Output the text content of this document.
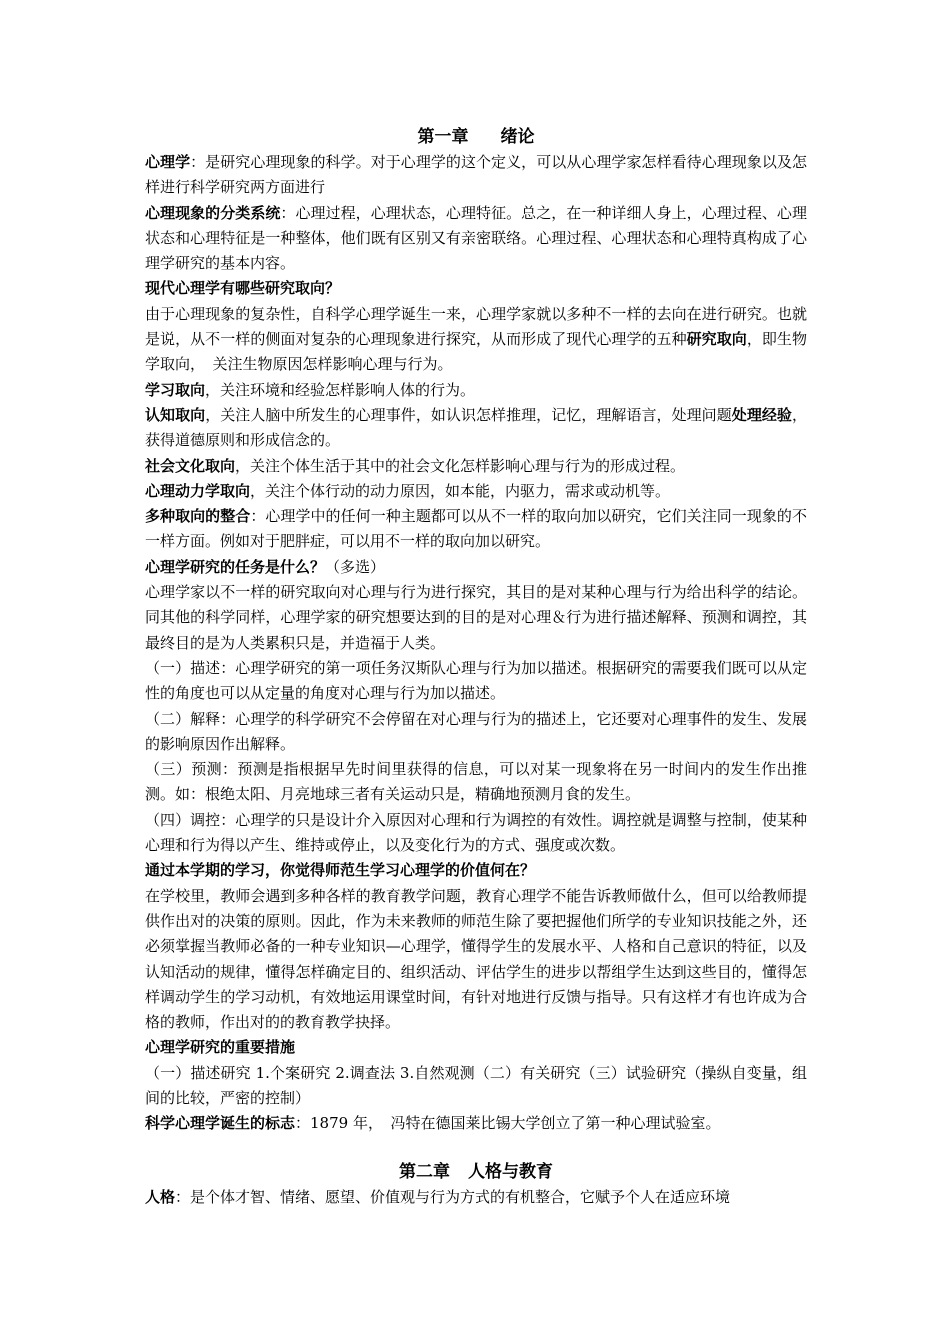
第一章 绪论

心理学：是研究心理现象的科学。对于心理学的这个定义，可以从心理学家怎样看待心理现象以及怎样进行科学研究两方面进行

心理现象的分类系统：心理过程，心理状态，心理特征。总之，在一种详细人身上，心理过程、心理状态和心理特征是一种整体，他们既有区别又有亲密联络。心理过程、心理状态和心理特真构成了心理学研究的基本内容。

现代心理学有哪些研究取向？

由于心理现象的复杂性，自科学心理学诞生一来，心理学家就以多种不一样的去向在进行研究。也就是说，从不一样的侧面对复杂的心理现象进行探究，从而形成了现代心理学的五种研究取向，即生物学取向，　关注生物原因怎样影响心理与行为。

学习取向，关注环境和经验怎样影响人体的行为。

认知取向，关注人脑中所发生的心理事件，如认识怎样推理，记忆，理解语言，处理问题处理经验，获得道德原则和形成信念的。

社会文化取向，关注个体生活于其中的社会文化怎样影响心理与行为的形成过程。

心理动力学取向，关注个体行动的动力原因，如本能，内驱力，需求或动机等。

多种取向的整合：心理学中的任何一种主题都可以从不一样的取向加以研究，它们关注同一现象的不一样方面。例如对于肥胖症，可以用不一样的取向加以研究。

心理学研究的任务是什么？（多选）

心理学家以不一样的研究取向对心理与行为进行探究，其目的是对某种心理与行为给出科学的结论。同其他的科学同样，心理学家的研究想要达到的目的是对心理＆行为进行描述解释、预测和调控，其最终目的是为人类累积只是，并造福于人类。

（一）描述：心理学研究的第一项任务汉斯队心理与行为加以描述。根据研究的需要我们既可以从定性的角度也可以从定量的角度对心理与行为加以描述。

（二）解释：心理学的科学研究不会停留在对心理与行为的描述上，它还要对心理事件的发生、发展的影响原因作出解释。

（三）预测：预测是指根据早先时间里获得的信息，可以对某一现象将在另一时间内的发生作出推测。如：根绝太阳、月亮地球三者有关运动只是，精确地预测月食的发生。

（四）调控：心理学的只是设计介入原因对心理和行为调控的有效性。调控就是调整与控制，使某种心理和行为得以产生、维持或停止，以及变化行为的方式、强度或次数。

通过本学期的学习，你觉得师范生学习心理学的价值何在？

在学校里，教师会遇到多种各样的教育教学问题，教育心理学不能告诉教师做什么，但可以给教师提供作出对的决策的原则。因此，作为未来教师的师范生除了要把握他们所学的专业知识技能之外，还必须掌握当教师必备的一种专业知识—心理学，懂得学生的发展水平、人格和自己意识的特征，以及认知活动的规律，懂得怎样确定目的、组织活动、评估学生的进步以帮组学生达到这些目的，懂得怎样调动学生的学习动机，有效地运用课堂时间，有针对地进行反馈与指导。只有这样才有也许成为合格的教师，作出对的的教育教学抉择。

心理学研究的重要措施

（一）描述研究 1.个案研究 2.调查法 3.自然观测（二）有关研究（三）试验研究（操纵自变量，组间的比较，严密的控制）

科学心理学诞生的标志：1879 年，　冯特在德国莱比锡大学创立了第一种心理试验室。

第二章 人格与教育

人格：是个体才智、情绪、愿望、价值观与行为方式的有机整合，它赋予个人在适应环境
